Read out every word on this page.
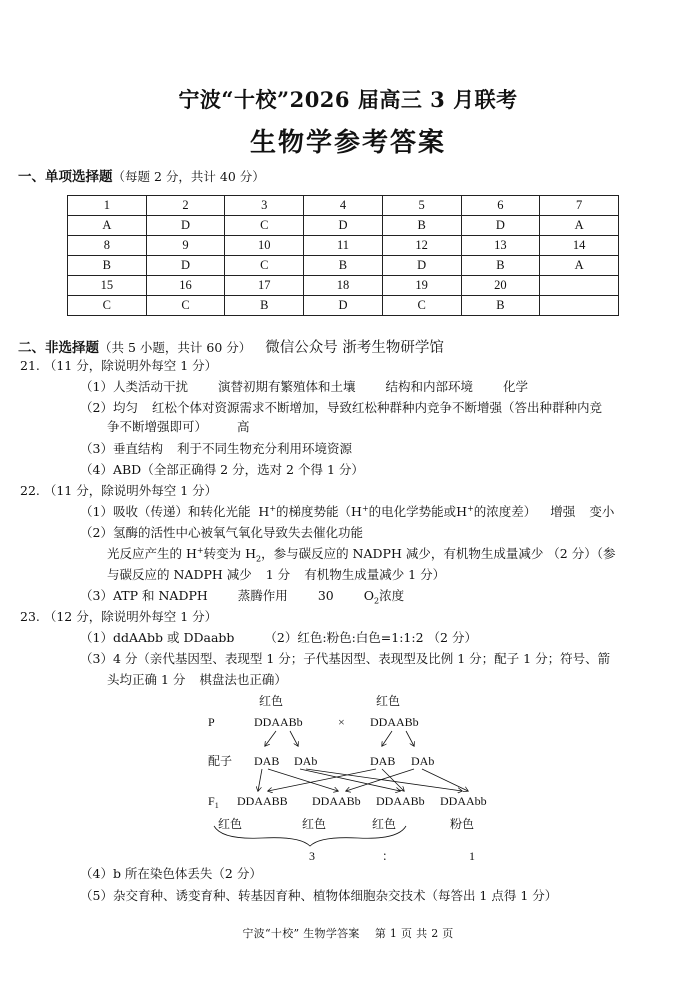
宁波“十校”2026 届高三 3 月联考
生物学参考答案
一、单项选择题（每题 2 分，共计 40 分）
1	2	3	4	5	6	7
A	D	C	D	B	D	A
8	9	10	11	12	13	14
B	D	C	B	D	B	A
15	16	17	18	19	20	
C	C	B	D	C	B	
二、非选择题（共 5 小题，共计 60 分） 微信公众号 浙考生物研学馆
21. （11 分，除说明外每空 1 分）
（1）人类活动干扰 演替初期有繁殖体和土壤 结构和内部环境 化学
（2）均匀 红松个体对资源需求不断增加，导致红松种群种内竞争不断增强（答出种群种内竞
争不断增强即可） 高
（3）垂直结构 利于不同生物充分利用环境资源
（4）ABD（全部正确得 2 分，选对 2 个得 1 分）
22. （11 分，除说明外每空 1 分）
（1）吸收（传递）和转化光能 H+的梯度势能（H+的电化学势能或H+的浓度差） 增强 变小
（2）氢酶的活性中心被氧气氧化导致失去催化功能
光反应产生的 H+转变为 $H_2$，参与碳反应的 NADPH 减少，有机物生成量减少 （2 分）（参
与碳反应的 NADPH 减少 1 分 有机物生成量减少 1 分）
（3）ATP 和 NADPH 蒸腾作用 30 $O_2$浓度
23. （12 分，除说明外每空 1 分）
（1）ddAAbb 或 DDaabb （2）红色:粉色:白色=1:1:2 （2 分）
（3）4 分（亲代基因型、表现型 1 分；子代基因型、表现型及比例 1 分；配子 1 分；符号、箭
头均正确 1 分 棋盘法也正确）
红色	红色
P	DDAABb	× DDAABb
配子 DAB DAb	DAB DAb
$F_1$ DDAABB DDAABb DDAABb DDAAbb
红色	红色	红色	粉色
3	：	1
（4）b 所在染色体丢失（2 分）
（5）杂交育种、诱变育种、转基因育种、植物体细胞杂交技术（每答出 1 点得 1 分）
宁波“十校” 生物学答案　 第 1 页 共 2 页
